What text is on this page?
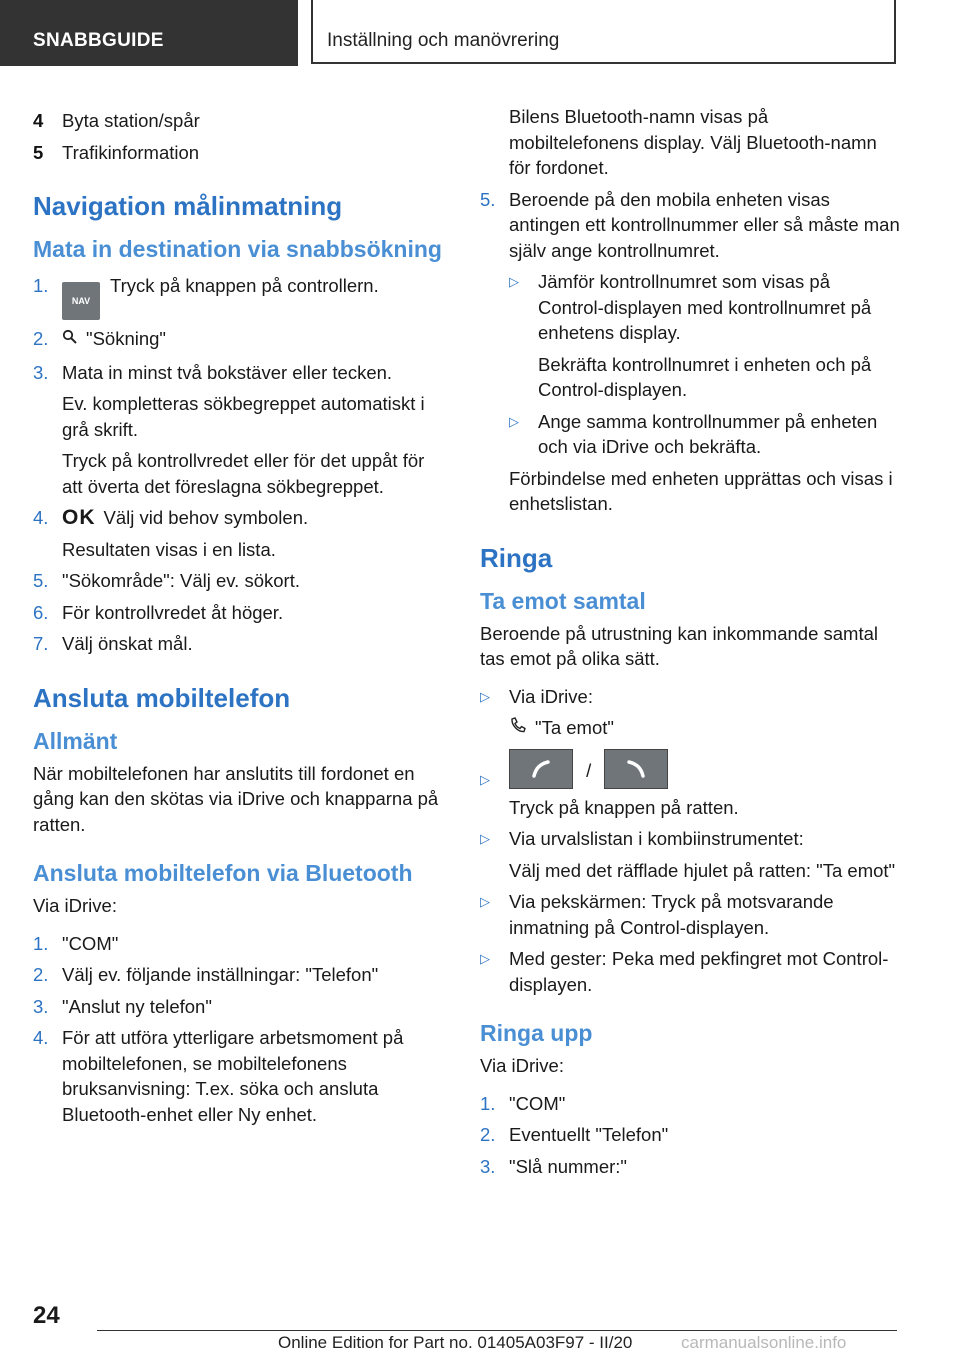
SNABBGUIDE	Inställning och manövrering
4 Byta station/spår
5 Trafikinformation
Navigation målinmatning
Mata in destination via snabbsökning
1.
NAVTryck på knappen på controllern.
2. "Sökning"
3. Mata in minst två bokstäver eller tecken.
Ev. kompletteras sökbegreppet automatiskt i grå skrift.
Tryck på kontrollvredet eller för det uppåt för att överta det föreslagna sökbegreppet.
4. OK Välj vid behov symbolen.
Resultaten visas i en lista.
5. "Sökområde": Välj ev. sökort.
6. För kontrollvredet åt höger.
7. Välj önskat mål.
Ansluta mobiltelefon
Allmänt
När mobiltelefonen har anslutits till fordonet en gång kan den skötas via iDrive och knapparna på ratten.
Ansluta mobiltelefon via Bluetooth
Via iDrive:
1. "COM"
2. Välj ev. följande inställningar: "Telefon"
3. "Anslut ny telefon"
4. För att utföra ytterligare arbetsmoment på mobiltelefonen, se mobiltelefonens bruksanvisning: T.ex. söka och ansluta Bluetooth-enhet eller Ny enhet.
Bilens Bluetooth-namn visas på mobiltelefonens display. Välj Bluetooth-namn för fordonet.
5. Beroende på den mobila enheten visas antingen ett kontrollnummer eller så måste man själv ange kontrollnumret.
▷ Jämför kontrollnumret som visas på Control-displayen med kontrollnumret på enhetens display.
Bekräfta kontrollnumret i enheten och på Control-displayen.
▷ Ange samma kontrollnummer på enheten och via iDrive och bekräfta.
Förbindelse med enheten upprättas och visas i enhetslistan.
Ringa
Ta emot samtal
Beroende på utrustning kan inkommande samtal tas emot på olika sätt.
▷ Via iDrive:
"Ta emot"
▷	/
Tryck på knappen på ratten.
▷ Via urvalslistan i kombiinstrumentet:
Välj med det räfflade hjulet på ratten: "Ta emot"
▷ Via pekskärmen: Tryck på motsvarande inmatning på Control-displayen.
▷ Med gester: Peka med pekfingret mot Control-displayen.
Ringa upp
Via iDrive:
1. "COM"
2. Eventuellt "Telefon"
3. "Slå nummer:"
24
Online Edition for Part no. 01405A03F97 - II/20	carmanualsonline.info
